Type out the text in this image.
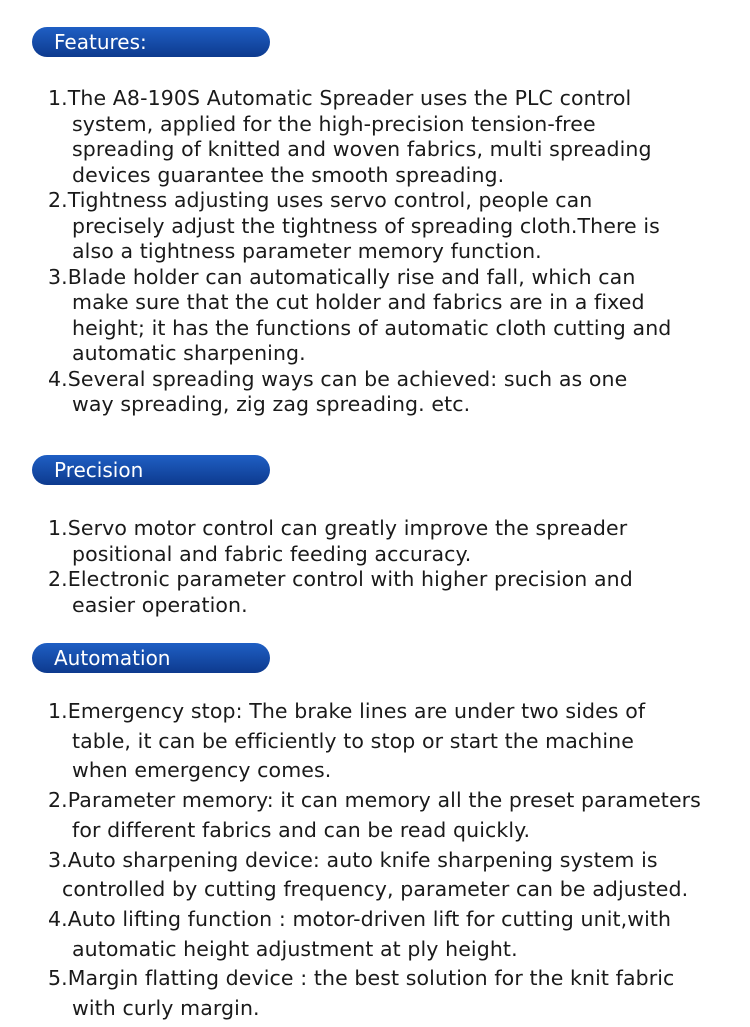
Features:
1. The A8-190S Automatic Spreader uses the PLC control
system, applied for the high-precision tension-free
spreading of knitted and woven fabrics, multi spreading
devices guarantee the smooth spreading.
2. Tightness adjusting uses servo control, people can
precisely adjust the tightness of spreading cloth.There is
also a tightness parameter memory function.
3. Blade holder can automatically rise and fall, which can
make sure that the cut holder and fabrics are in a fixed
height; it has the functions of automatic cloth cutting and
automatic sharpening.
4. Several spreading ways can be achieved: such as one
way spreading, zig zag spreading. etc.
Precision
1. Servo motor control can greatly improve the spreader
positional and fabric feeding accuracy.
2. Electronic parameter control with higher precision and
easier operation.
Automation
1. Emergency stop: The brake lines are under two sides of
table, it can be efficiently to stop or start the machine
when emergency comes.
2. Parameter memory: it can memory all the preset parameters
for different fabrics and can be read quickly.
3. Auto sharpening device: auto knife sharpening system is
controlled by cutting frequency, parameter can be adjusted.
4. Auto lifting function : motor-driven lift for cutting unit,with
automatic height adjustment at ply height.
5. Margin flatting device : the best solution for the knit fabric
with curly margin.
